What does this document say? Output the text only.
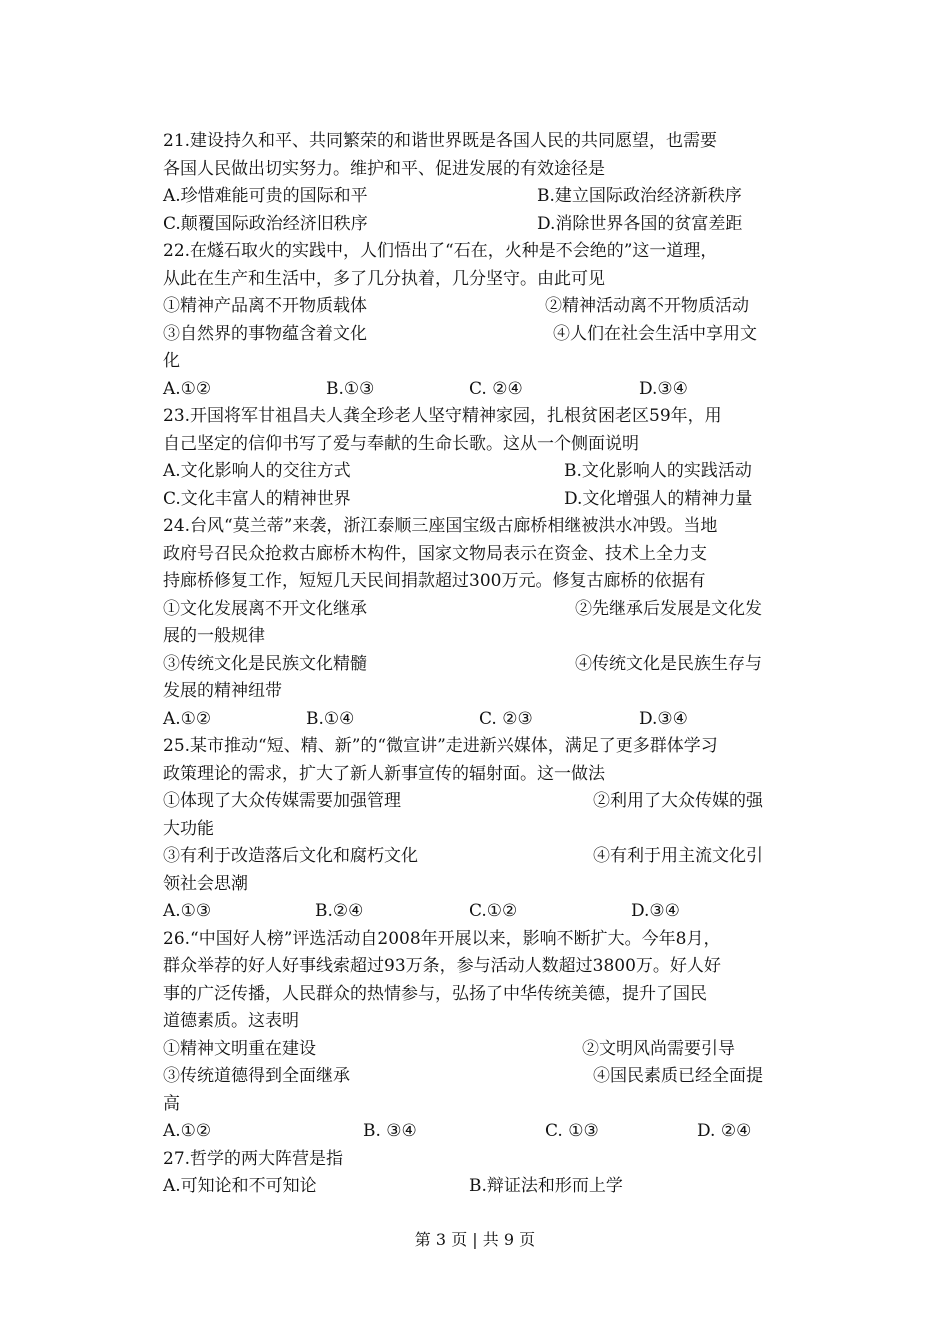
21.建设持久和平、共同繁荣的和谐世界既是各国人民的共同愿望，也需要
各国人民做出切实努力。维护和平、促进发展的有效途径是
A.珍惜难能可贵的国际和平	B.建立国际政治经济新秩序
C.颠覆国际政治经济旧秩序	D.消除世界各国的贫富差距
22.在燧石取火的实践中，人们悟出了“石在，火种是不会绝的”这一道理，
从此在生产和生活中，多了几分执着，几分坚守。由此可见
①精神产品离不开物质载体	②精神活动离不开物质活动
③自然界的事物蕴含着文化	④人们在社会生活中享用文
化
A.①②	B.①③	C. ②④	D.③④
23.开国将军甘祖昌夫人龚全珍老人坚守精神家园，扎根贫困老区59年，用
自己坚定的信仰书写了爱与奉献的生命长歌。这从一个侧面说明
A.文化影响人的交往方式	B.文化影响人的实践活动
C.文化丰富人的精神世界	D.文化增强人的精神力量
24.台风“莫兰蒂”来袭，浙江泰顺三座国宝级古廊桥相继被洪水冲毁。当地
政府号召民众抢救古廊桥木构件，国家文物局表示在资金、技术上全力支
持廊桥修复工作，短短几天民间捐款超过300万元。修复古廊桥的依据有
①文化发展离不开文化继承	②先继承后发展是文化发
展的一般规律
③传统文化是民族文化精髓	④传统文化是民族生存与
发展的精神纽带
A.①②	B.①④	C. ②③	D.③④
25.某市推动“短、精、新”的“微宣讲”走进新兴媒体，满足了更多群体学习
政策理论的需求，扩大了新人新事宣传的辐射面。这一做法
①体现了大众传媒需要加强管理	②利用了大众传媒的强
大功能
③有利于改造落后文化和腐朽文化	④有利于用主流文化引
领社会思潮
A.①③	B.②④	C.①②	D.③④
26.“中国好人榜”评选活动自2008年开展以来，影响不断扩大。今年8月，
群众举荐的好人好事线索超过93万条，参与活动人数超过3800万。好人好
事的广泛传播，人民群众的热情参与，弘扬了中华传统美德，提升了国民
道德素质。这表明
①精神文明重在建设	②文明风尚需要引导
③传统道德得到全面继承	④国民素质已经全面提
高
A.①②	B. ③④	C. ①③	D. ②④
27.哲学的两大阵营是指
A.可知论和不可知论	B.辩证法和形而上学
第 3 页 | 共 9 页
